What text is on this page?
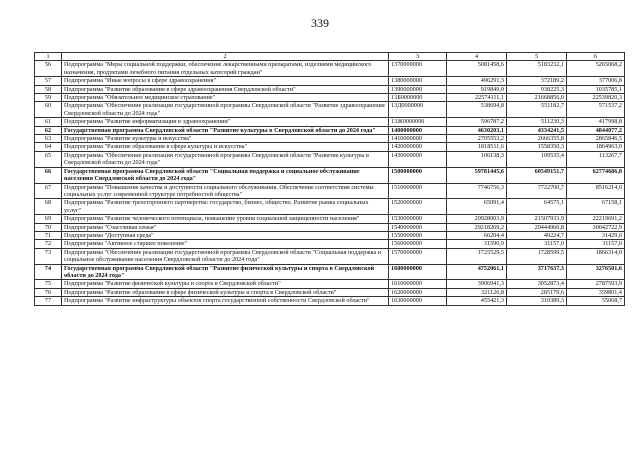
339
1	2	3	4	5	6
56	Подпрограмма "Меры социальной поддержки, обеспечение лекарственными препаратами, изделиями медицинского назначения, продуктами лечебного питания отдельных категорий граждан"	1370000000	5081458,6	5183232,1	5265068,2
57	Подпрограмма "Иные вопросы в сфере здравоохранения"	1380000000	496291,3	372189,2	377006,8
58	Подпрограмма "Развитие образования в сфере здравоохранения Свердловской области"	1390000000	919849,0	938225,3	1035785,1
59	Подпрограмма "Обязательное медицинское страхование"	13Б0000000	22574111,1	21668856,0	22539820,3
60	Подпрограмма "Обеспечение реализации государственной программы Свердловской области "Развитие здравоохранения Свердловской области до 2024 года"	13Д0000000	538694,8	551182,7	571537,2
61	Подпрограмма "Развитие информатизации в здравоохранении"	13Ж0000000	596787,2	511230,3	417998,8
62	Государственная программа Свердловской области "Развитие культуры в Свердловской области до 2024 года"	1400000000	4630203,1	4334241,5	4844077,2
63	Подпрограмма "Развитие культуры и искусства"	1410000000	2705553,2	2666355,8	2865846,5
64	Подпрограмма "Развитие образования в сфере культуры и искусства"	1420000000	1818511,6	1558350,3	1864963,0
65	Подпрограмма "Обеспечение реализации государственной программы Свердловской области "Развитие культуры в Свердловской области до 2024 года"	1430000000	106138,3	109535,4	113267,7
66	Государственная программа Свердловской области "Социальная поддержка и социальное обслуживание населения Свердловской области до 2024 года"	1500000000	59781445,6	60549151,7	62774686,8
67	Подпрограмма "Повышение качества и доступности социального обслуживания. Обеспечение соответствия системы социальных услуг современной структуре потребностей общества"	1510000000	7746756,3	7722700,7	8516214,0
68	Подпрограмма "Развитие трехстороннего партнерства: государство, бизнес, общество. Развитие рынка социальных услуг"	1520000000	65091,4	64575,1	67158,1
69	Подпрограмма "Развитие человеческого потенциала, повышение уровня социальной защищенности населения"	1530000000	20928003,9	21507933,9	22219691,2
70	Подпрограмма "Счастливая семья"	1540000000	29218269,2	29444960,8	30042722,9
71	Подпрограмма "Доступная среда"	1550000000	66204,4	49224,7	31429,6
72	Подпрограмма "Активное старшее поколение"	1560000000	31590,9	31157,0	31157,0
73	Подпрограмма "Обеспечение реализации государственной программы Свердловской области "Социальная поддержка и социальное обслуживание населения Свердловской области до 2024 года"	1570000000	1725529,5	1728599,5	1866314,0
74	Государственная программа Свердловской области "Развитие физической культуры и спорта в Свердловской области до 2024 года"	1600000000	4752061,1	3717637,3	3276501,6
75	Подпрограмма "Развитие физической культуры и спорта в Свердловской области"	1610000000	3906941,3	3052873,4	2787593,9
76	Подпрограмма "Развитие образования в сфере физической культуры и спорта в Свердловской области"	1620000000	321126,8	285179,6	359801,4
77	Подпрограмма "Развитие инфраструктуры объектов спорта государственной собственности Свердловской области"	1630000000	455421,3	310389,3	55068,7
